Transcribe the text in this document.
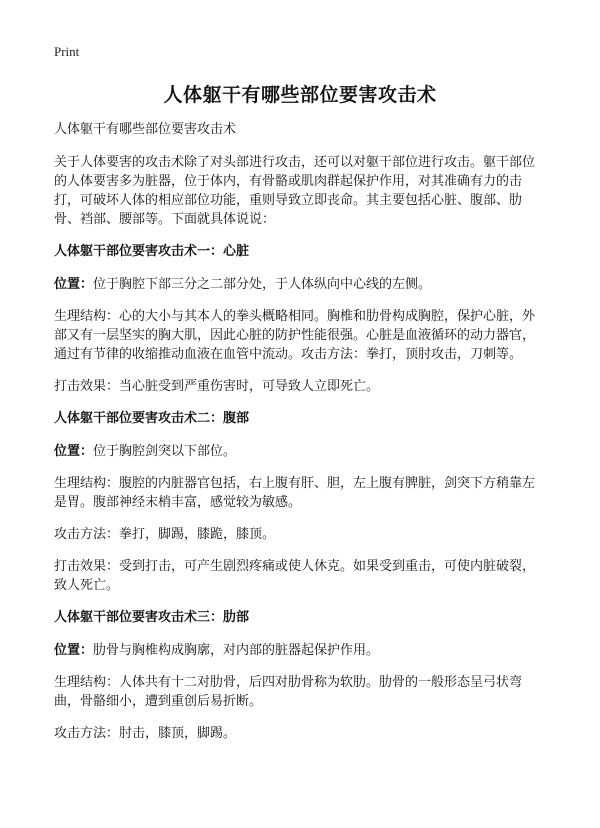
Print
人体躯干有哪些部位要害攻击术

人体躯干有哪些部位要害攻击术

关于人体要害的攻击术除了对头部进行攻击，还可以对躯干部位进行攻击。躯干部位的人体要害多为脏器，位于体内，有骨骼或肌肉群起保护作用，对其准确有力的击打，可破坏人体的相应部位功能，重则导致立即丧命。其主要包括心脏、腹部、肋骨、裆部、腰部等。下面就具体说说：

人体躯干部位要害攻击术一：心脏

位置：位于胸腔下部三分之二部分处，于人体纵向中心线的左侧。

生理结构：心的大小与其本人的拳头概略相同。胸椎和肋骨构成胸腔，保护心脏，外部又有一层坚实的胸大肌，因此心脏的防护性能很强。心脏是血液循环的动力器官，通过有节律的收缩推动血液在血管中流动。攻击方法：拳打，顶肘攻击，刀刺等。

打击效果：当心脏受到严重伤害时，可导致人立即死亡。

人体躯干部位要害攻击术二：腹部

位置：位于胸腔剑突以下部位。

生理结构：腹腔的内脏器官包括，右上腹有肝、胆，左上腹有脾脏，剑突下方稍靠左是胃。腹部神经末梢丰富，感觉较为敏感。

攻击方法：拳打，脚踢，膝跪，膝顶。

打击效果：受到打击，可产生剧烈疼痛或使人休克。如果受到重击，可使内脏破裂，致人死亡。

人体躯干部位要害攻击术三：肋部

位置：肋骨与胸椎构成胸廓，对内部的脏器起保护作用。

生理结构：人体共有十二对肋骨，后四对肋骨称为软肋。肋骨的一般形态呈弓状弯曲，骨骼细小，遭到重创后易折断。

攻击方法：肘击，膝顶，脚踢。
